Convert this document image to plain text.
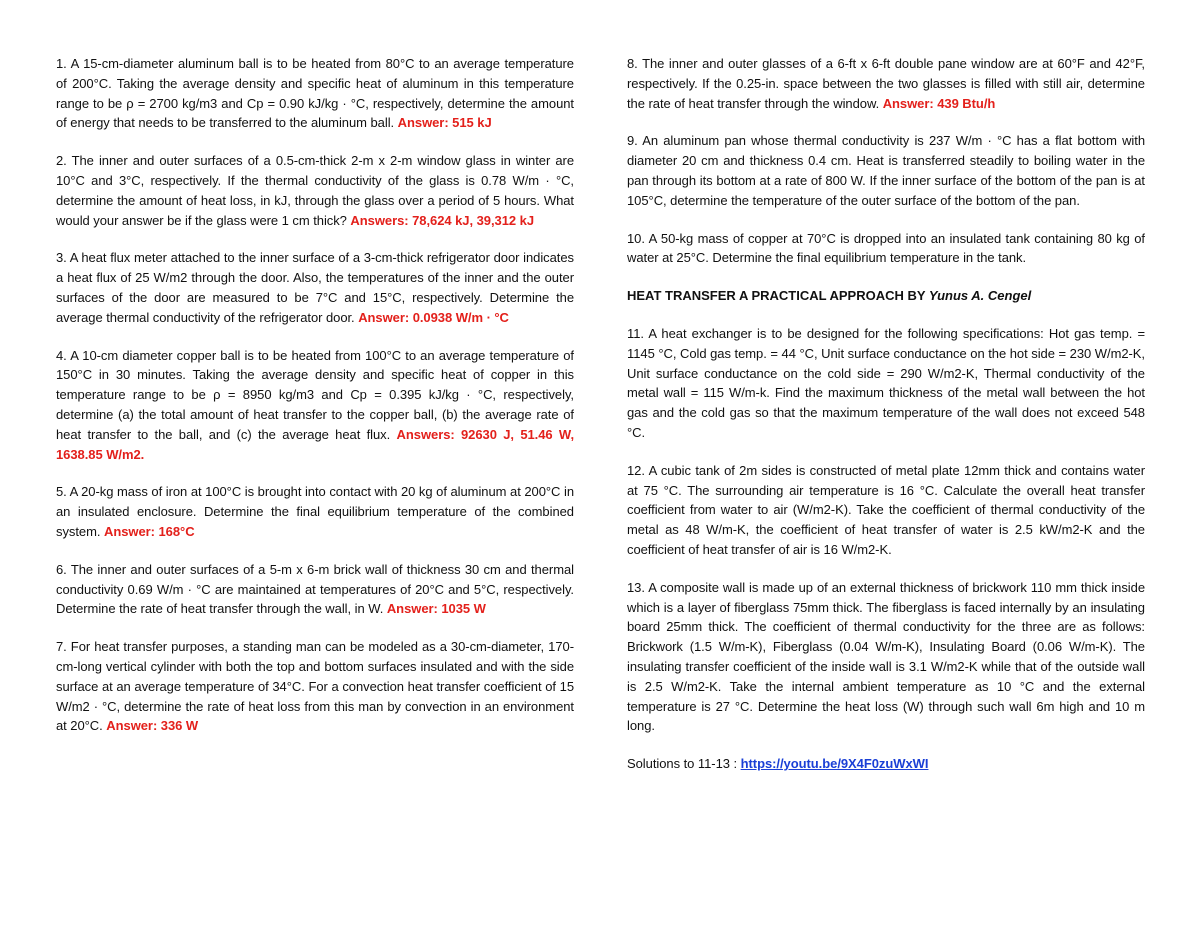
1. A 15-cm-diameter aluminum ball is to be heated from 80°C to an average temperature of 200°C. Taking the average density and specific heat of aluminum in this temperature range to be ρ = 2700 kg/m3 and Cp = 0.90 kJ/kg · °C, respectively, determine the amount of energy that needs to be transferred to the aluminum ball. Answer: 515 kJ

2. The inner and outer surfaces of a 0.5-cm-thick 2-m x 2-m window glass in winter are 10°C and 3°C, respectively. If the thermal conductivity of the glass is 0.78 W/m · °C, determine the amount of heat loss, in kJ, through the glass over a period of 5 hours. What would your answer be if the glass were 1 cm thick? Answers: 78,624 kJ, 39,312 kJ

3. A heat flux meter attached to the inner surface of a 3-cm-thick refrigerator door indicates a heat flux of 25 W/m2 through the door. Also, the temperatures of the inner and the outer surfaces of the door are measured to be 7°C and 15°C, respectively. Determine the average thermal conductivity of the refrigerator door. Answer: 0.0938 W/m · °C

4. A 10-cm diameter copper ball is to be heated from 100°C to an average temperature of 150°C in 30 minutes. Taking the average density and specific heat of copper in this temperature range to be ρ = 8950 kg/m3 and Cp = 0.395 kJ/kg · °C, respectively, determine (a) the total amount of heat transfer to the copper ball, (b) the average rate of heat transfer to the ball, and (c) the average heat flux. Answers: 92630 J, 51.46 W, 1638.85 W/m2.

5. A 20-kg mass of iron at 100°C is brought into contact with 20 kg of aluminum at 200°C in an insulated enclosure. Determine the final equilibrium temperature of the combined system. Answer: 168°C

6. The inner and outer surfaces of a 5-m x 6-m brick wall of thickness 30 cm and thermal conductivity 0.69 W/m · °C are maintained at temperatures of 20°C and 5°C, respectively. Determine the rate of heat transfer through the wall, in W. Answer: 1035 W

7. For heat transfer purposes, a standing man can be modeled as a 30-cm-diameter, 170-cm-long vertical cylinder with both the top and bottom surfaces insulated and with the side surface at an average temperature of 34°C. For a convection heat transfer coefficient of 15 W/m2 · °C, determine the rate of heat loss from this man by convection in an environment at 20°C. Answer: 336 W

8. The inner and outer glasses of a 6-ft x 6-ft double pane window are at 60°F and 42°F, respectively. If the 0.25-in. space between the two glasses is filled with still air, determine the rate of heat transfer through the window. Answer: 439 Btu/h

9. An aluminum pan whose thermal conductivity is 237 W/m · °C has a flat bottom with diameter 20 cm and thickness 0.4 cm. Heat is transferred steadily to boiling water in the pan through its bottom at a rate of 800 W. If the inner surface of the bottom of the pan is at 105°C, determine the temperature of the outer surface of the bottom of the pan.

10. A 50-kg mass of copper at 70°C is dropped into an insulated tank containing 80 kg of water at 25°C. Determine the final equilibrium temperature in the tank.

HEAT TRANSFER A PRACTICAL APPROACH BY Yunus A. Cengel

11. A heat exchanger is to be designed for the following specifications: Hot gas temp. = 1145 °C, Cold gas temp. = 44 °C, Unit surface conductance on the hot side = 230 W/m2-K, Unit surface conductance on the cold side = 290 W/m2-K, Thermal conductivity of the metal wall = 115 W/m-k. Find the maximum thickness of the metal wall between the hot gas and the cold gas so that the maximum temperature of the wall does not exceed 548 °C.

12. A cubic tank of 2m sides is constructed of metal plate 12mm thick and contains water at 75 °C. The surrounding air temperature is 16 °C. Calculate the overall heat transfer coefficient from water to air (W/m2-K). Take the coefficient of thermal conductivity of the metal as 48 W/m-K, the coefficient of heat transfer of water is 2.5 kW/m2-K and the coefficient of heat transfer of air is 16 W/m2-K.

13. A composite wall is made up of an external thickness of brickwork 110 mm thick inside which is a layer of fiberglass 75mm thick. The fiberglass is faced internally by an insulating board 25mm thick. The coefficient of thermal conductivity for the three are as follows: Brickwork (1.5 W/m-K), Fiberglass (0.04 W/m-K), Insulating Board (0.06 W/m-K). The insulating transfer coefficient of the inside wall is 3.1 W/m2-K while that of the outside wall is 2.5 W/m2-K. Take the internal ambient temperature as 10 °C and the external temperature is 27 °C. Determine the heat loss (W) through such wall 6m high and 10 m long.

Solutions to 11-13 : https://youtu.be/9X4F0zuWxWI
